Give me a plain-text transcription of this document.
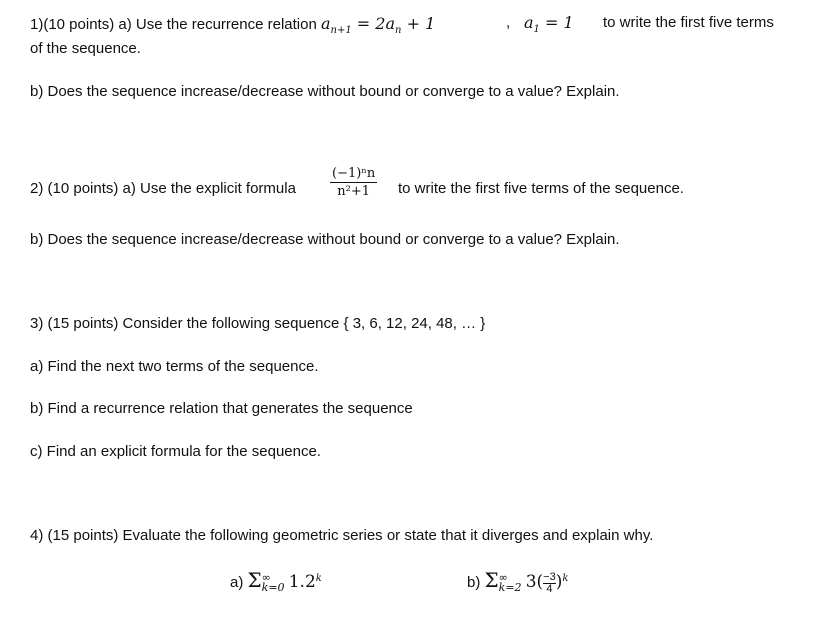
1)(10 points) a) Use the recurrence relation $a_{n+1} = 2a_n + 1$	, $a_1 = 1$ to write the first five terms
of the sequence.
b) Does the sequence increase/decrease without bound or converge to a value? Explain.
2) (10 points) a) Use the explicit formula	$\frac{\text{(−1)ⁿn}}{\text{n²+1}}$ to write the first five terms of the sequence.
b) Does the sequence increase/decrease without bound or converge to a value? Explain.
3) (15 points) Consider the following sequence { 3, 6, 12, 24, 48, … }
a) Find the next two terms of the sequence.
b) Find a recurrence relation that generates the sequence
c) Find an explicit formula for the sequence.
4) (15 points) Evaluate the following geometric series or state that it diverges and explain why.
a) Σ ∞
k=0 1.2$^k$	b) Σ ∞
k=2 $3( \frac{-3}{4} )^k$
